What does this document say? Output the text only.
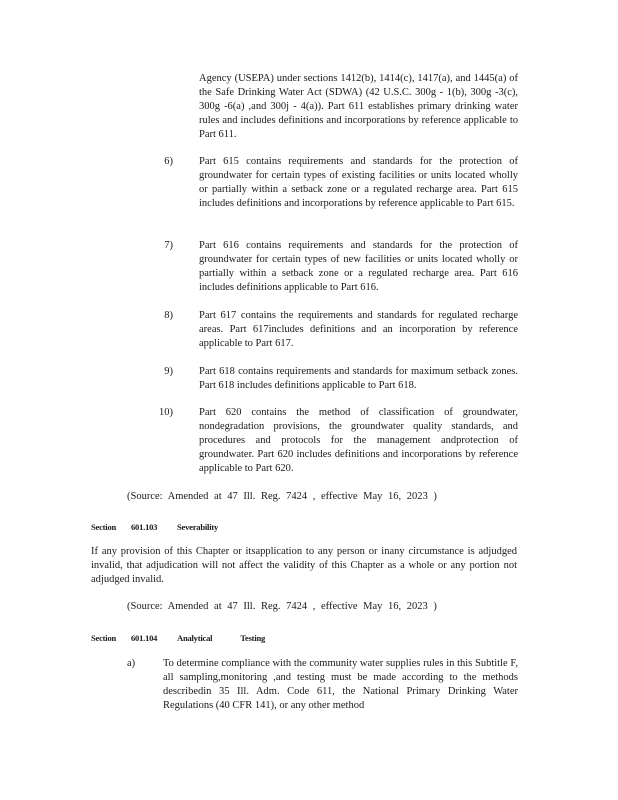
Agency (USEPA) under sections 1412(b), 1414(c), 1417(a), and 1445(a) of the Safe Drinking Water Act (SDWA) (42 U.S.C. 300g - 1(b), 300g -3(c), 300g -6(a) ,and 300j - 4(a)). Part 611 establishes primary drinking water rules and includes definitions and incorporations by reference applicable to Part 611.
6) Part 615 contains requirements and standards for the protection of groundwater for certain types of existing facilities or units located wholly or partially within a setback zone or a regulated recharge area. Part 615 includes definitions and incorporations by reference applicable to Part 615.
7) Part 616 contains requirements and standards for the protection of groundwater for certain types of new facilities or units located wholly or partially within a setback zone or a regulated recharge area. Part 616 includes definitions applicable to Part 616.
8) Part 617 contains the requirements and standards for regulated recharge areas. Part 617includes definitions and an incorporation by reference applicable to Part 617.
9) Part 618 contains requirements and standards for maximum setback zones. Part 618 includes definitions applicable to Part 618.
10) Part 620 contains the method of classification of groundwater, nondegradation provisions, the groundwater quality standards, and procedures and protocols for the management andprotection of groundwater. Part 620 includes definitions and incorporations by reference applicable to Part 620.
(Source: Amended at 47 Ill. Reg. 7424 , effective May 16, 2023 )
Section 601.103 Severability
If any provision of this Chapter or itsapplication to any person or inany circumstance is adjudged invalid, that adjudication will not affect the validity of this Chapter as a whole or any portion not adjudged invalid.
(Source: Amended at 47 Ill. Reg. 7424 , effective May 16, 2023 )
Section 601.104 Analytical	Testing
a)	To determine compliance with the community water supplies rules in this Subtitle F, all sampling,monitoring ,and testing must be made according to the methods describedin 35 Ill. Adm. Code 611, the National Primary Drinking Water Regulations (40 CFR 141), or any other method
